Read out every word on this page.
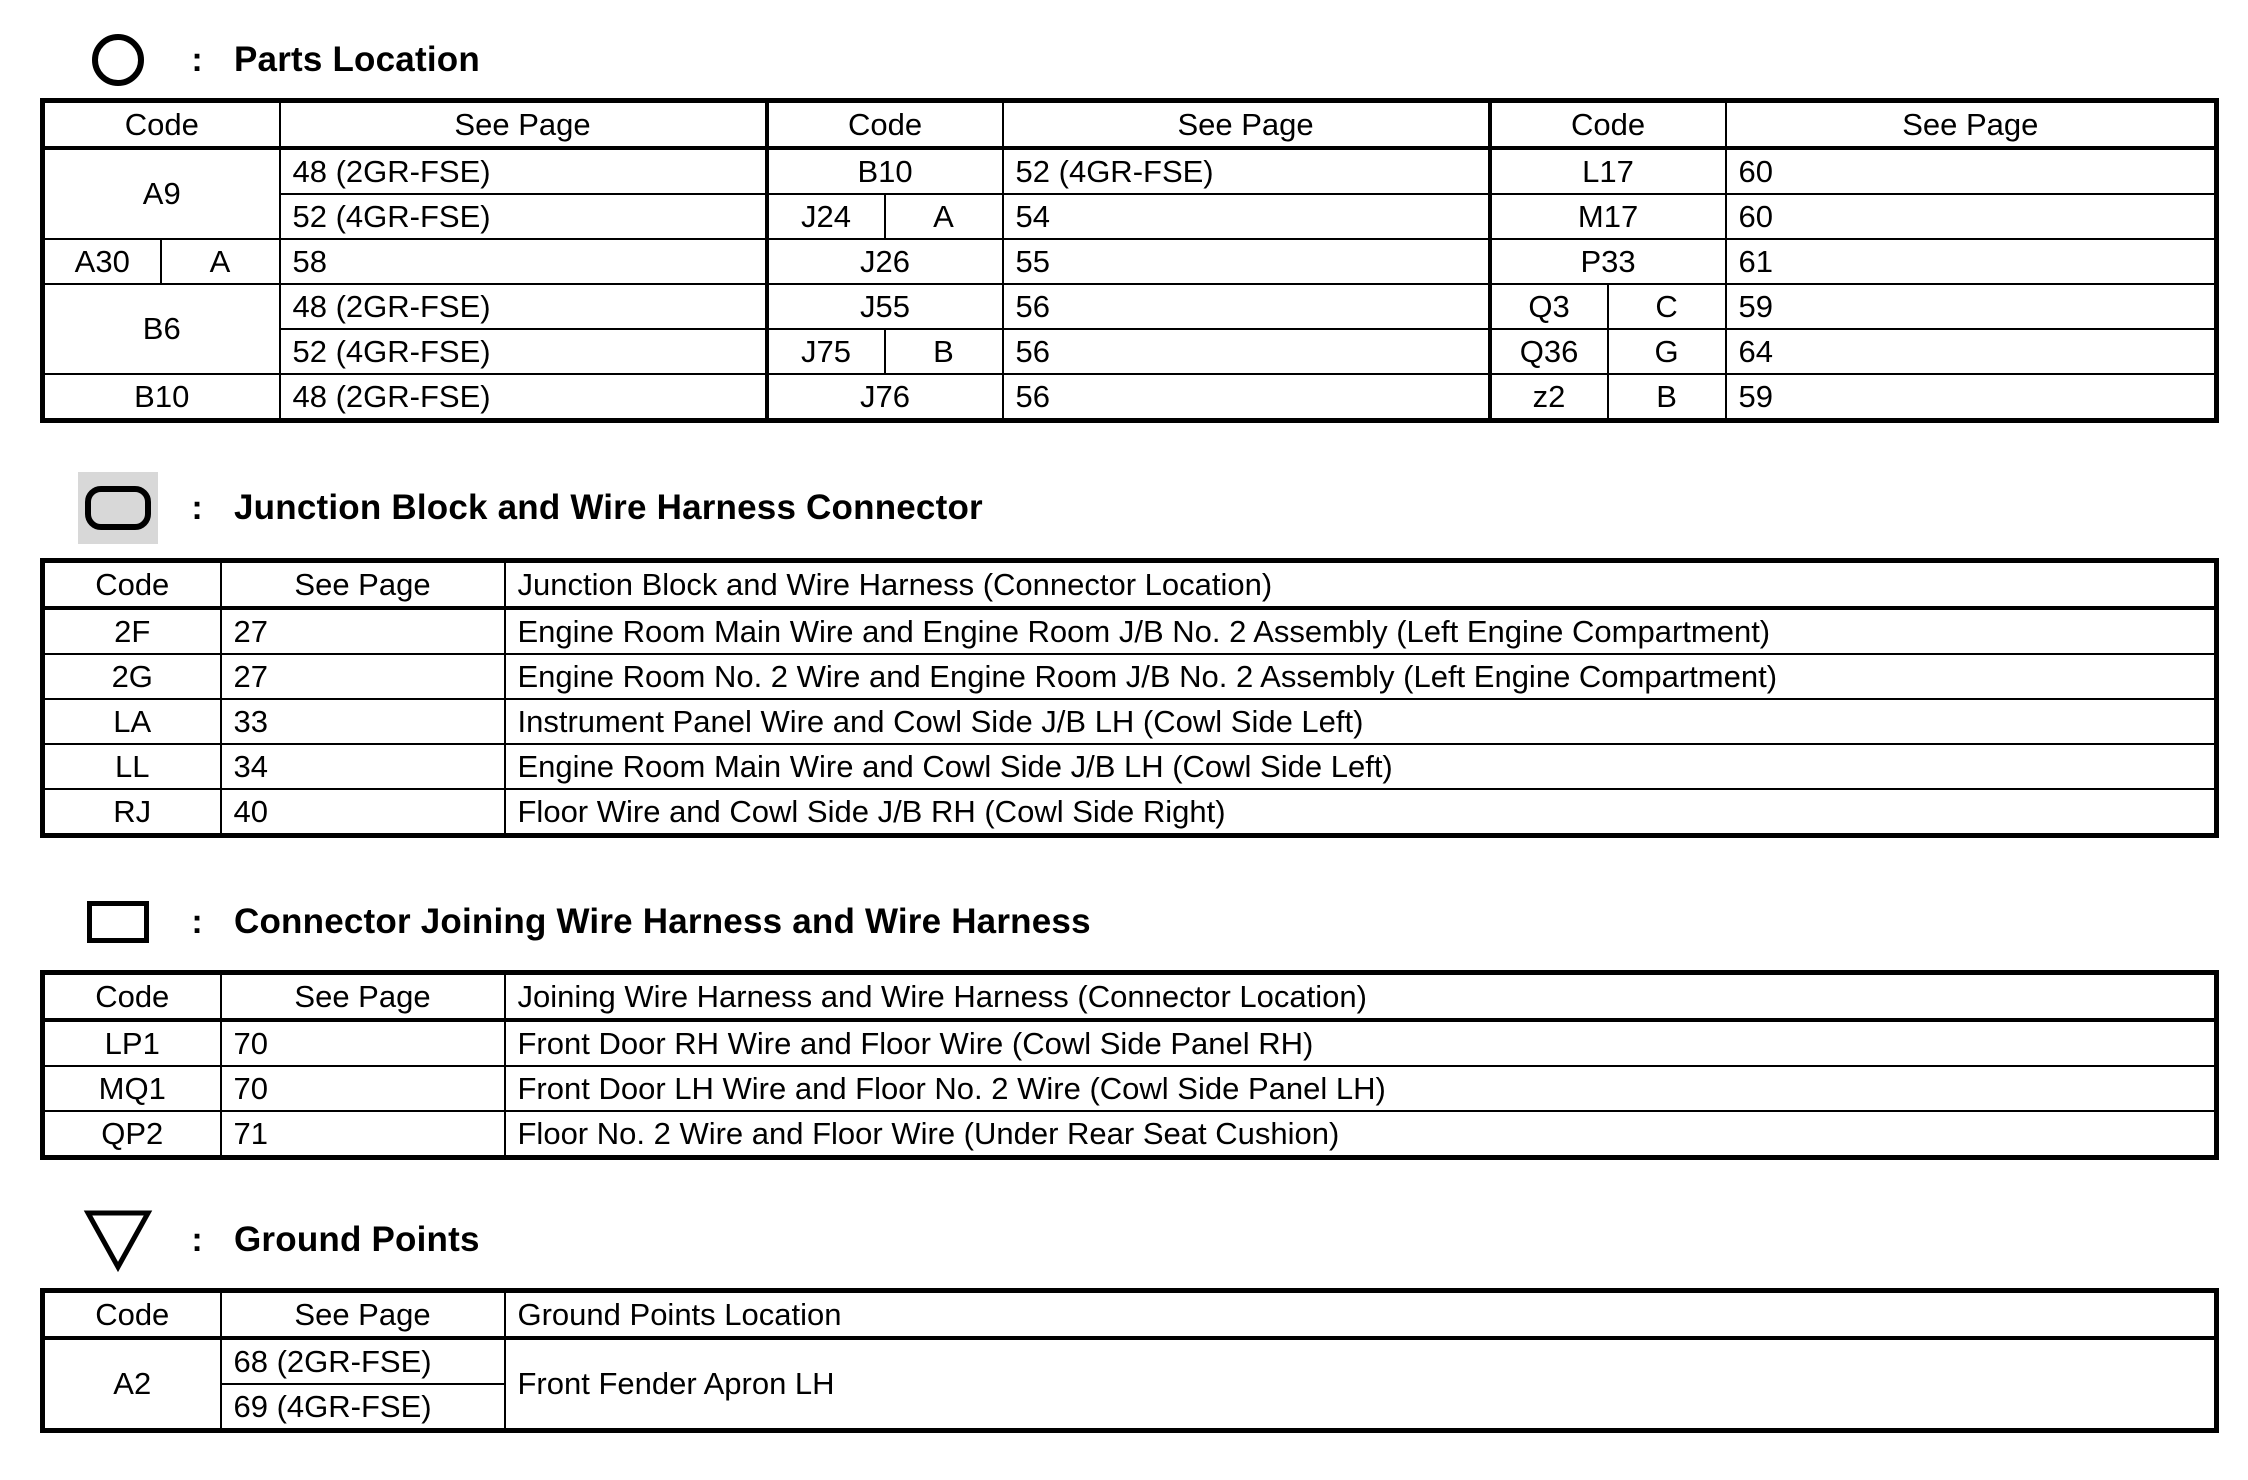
: Parts Location
Code		See Page	Code		See Page	Code		See Page
A9		48 (2GR-FSE)	B10		52 (4GR-FSE)	L17		60
		52 (4GR-FSE)	J24	A	54	M17		60
A30	A	58	J26		55	P33		61
B6		48 (2GR-FSE)	J55		56	Q3	C	59
		52 (4GR-FSE)	J75	B	56	Q36	G	64
B10		48 (2GR-FSE)	J76		56	z2	B	59
: Junction Block and Wire Harness Connector
Code	See Page	Junction Block and Wire Harness (Connector Location)
2F	27	Engine Room Main Wire and Engine Room J/B No. 2 Assembly (Left Engine Compartment)
2G	27	Engine Room No. 2 Wire and Engine Room J/B No. 2 Assembly (Left Engine Compartment)
LA	33	Instrument Panel Wire and Cowl Side J/B LH (Cowl Side Left)
LL	34	Engine Room Main Wire and Cowl Side J/B LH (Cowl Side Left)
RJ	40	Floor Wire and Cowl Side J/B RH (Cowl Side Right)
: Connector Joining Wire Harness and Wire Harness
Code	See Page	Joining Wire Harness and Wire Harness (Connector Location)
LP1	70	Front Door RH Wire and Floor Wire (Cowl Side Panel RH)
MQ1	70	Front Door LH Wire and Floor No. 2 Wire (Cowl Side Panel LH)
QP2	71	Floor No. 2 Wire and Floor Wire (Under Rear Seat Cushion)
: Ground Points
Code	See Page	Ground Points Location
A2	68 (2GR-FSE)	Front Fender Apron LH
	69 (4GR-FSE)	
